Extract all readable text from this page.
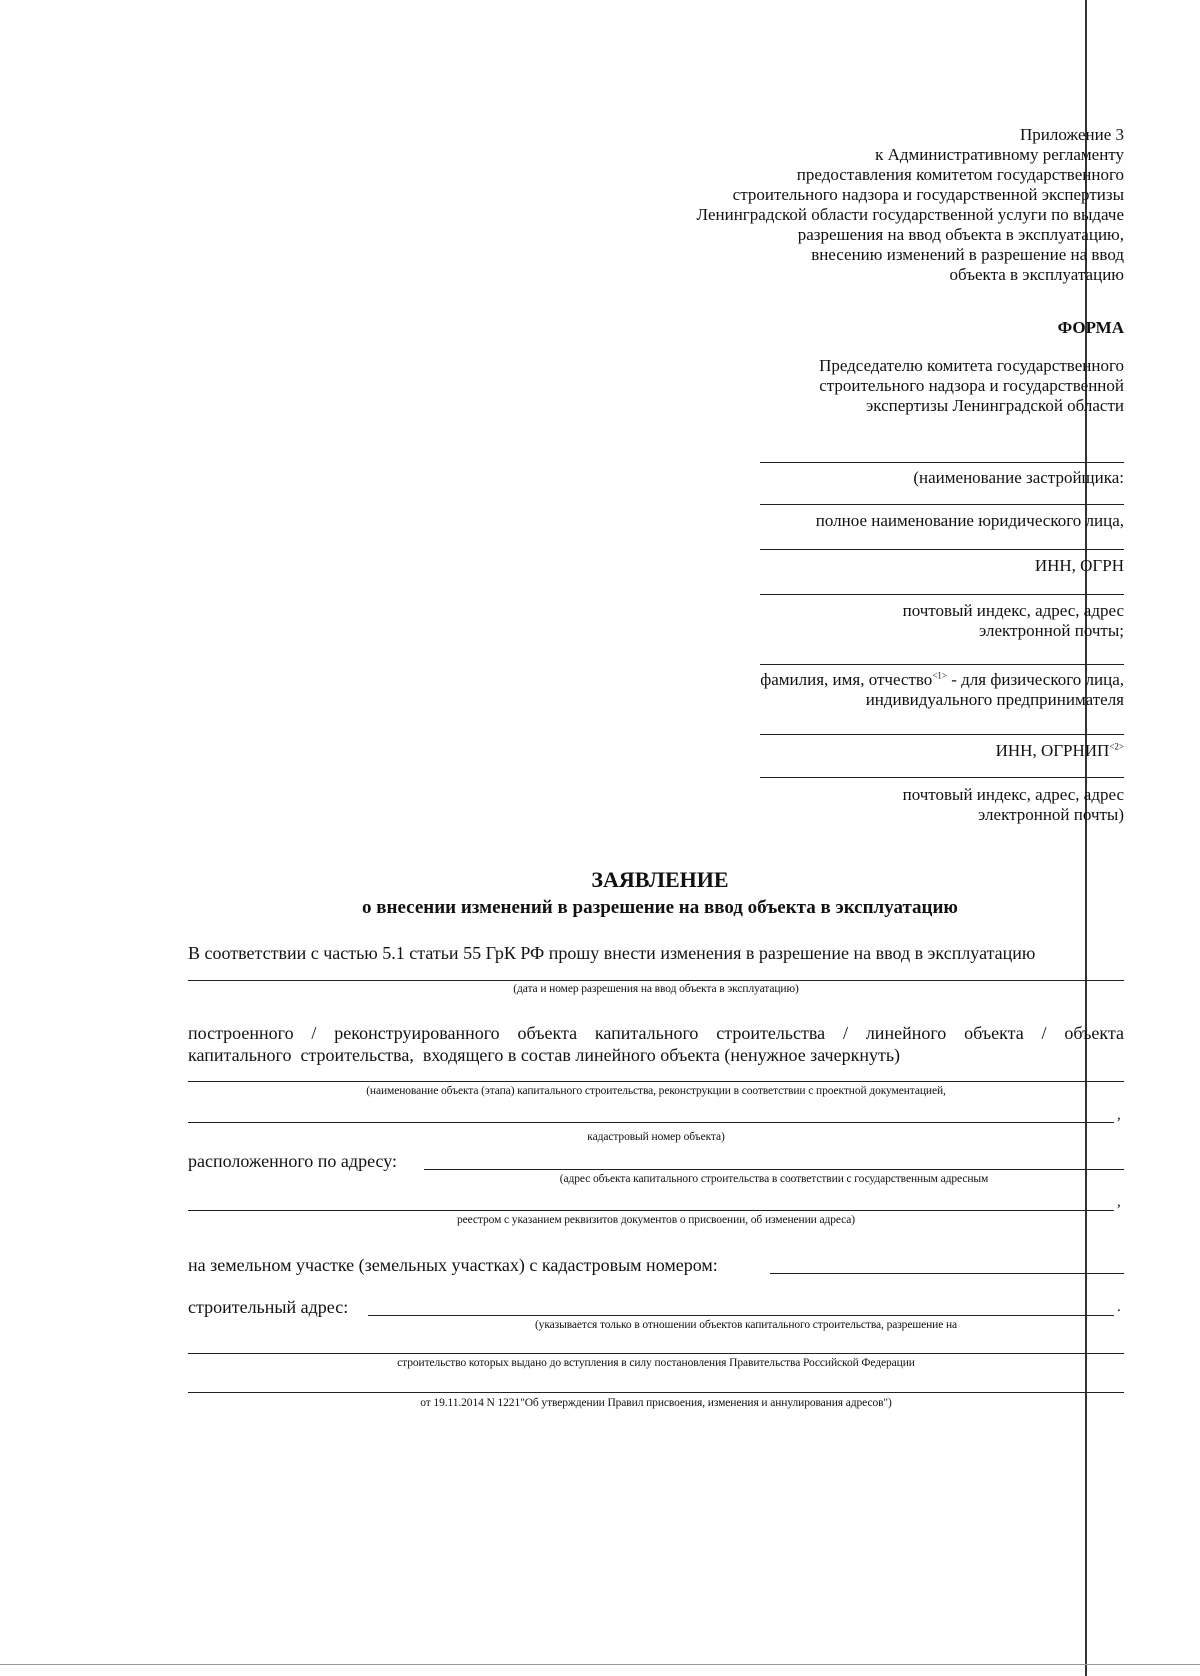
Приложение 3
к Административному регламенту
предоставления комитетом государственного
строительного надзора и государственной экспертизы
Ленинградской области государственной услуги по выдаче
разрешения на ввод объекта в эксплуатацию,
внесению изменений в разрешение на ввод
объекта в эксплуатацию
ФОРМА
Председателю комитета государственного
строительного надзора и государственной
экспертизы Ленинградской области
(наименование застройщика:
полное наименование юридического лица,
ИНН, ОГРН
почтовый индекс, адрес, адрес
электронной почты;
фамилия, имя, отчество$^{<1>}$ - для физического лица,
индивидуального предпринимателя
ИНН, $ОГРНИП^{<2>}$
почтовый индекс, адрес, адрес
электронной почты)
ЗАЯВЛЕНИЕ
о внесении изменений в разрешение на ввод объекта в эксплуатацию
В соответствии с частью 5.1 статьи 55 ГрК РФ прошу внести изменения в разрешение на ввод в эксплуатацию
(дата и номер разрешения на ввод объекта в эксплуатацию)
построенного / реконструированного объекта капитального строительства / линейного объекта / объекта
капитального  строительства,  входящего в состав линейного объекта (ненужное зачеркнуть)
(наименование объекта (этапа) капитального строительства, реконструкции в соответствии с проектной документацией,
,
кадастровый номер объекта)
расположенного по адресу:
(адрес объекта капитального строительства в соответствии с государственным адресным
,
реестром с указанием реквизитов документов о присвоении, об изменении адреса)
на земельном участке (земельных участках) с кадастровым номером:
строительный адрес:	.
(указывается только в отношении объектов капитального строительства, разрешение на
строительство которых выдано до вступления в силу постановления Правительства Российской Федерации
от 19.11.2014 N 1221"Об утверждении Правил присвоения, изменения и аннулирования адресов")
